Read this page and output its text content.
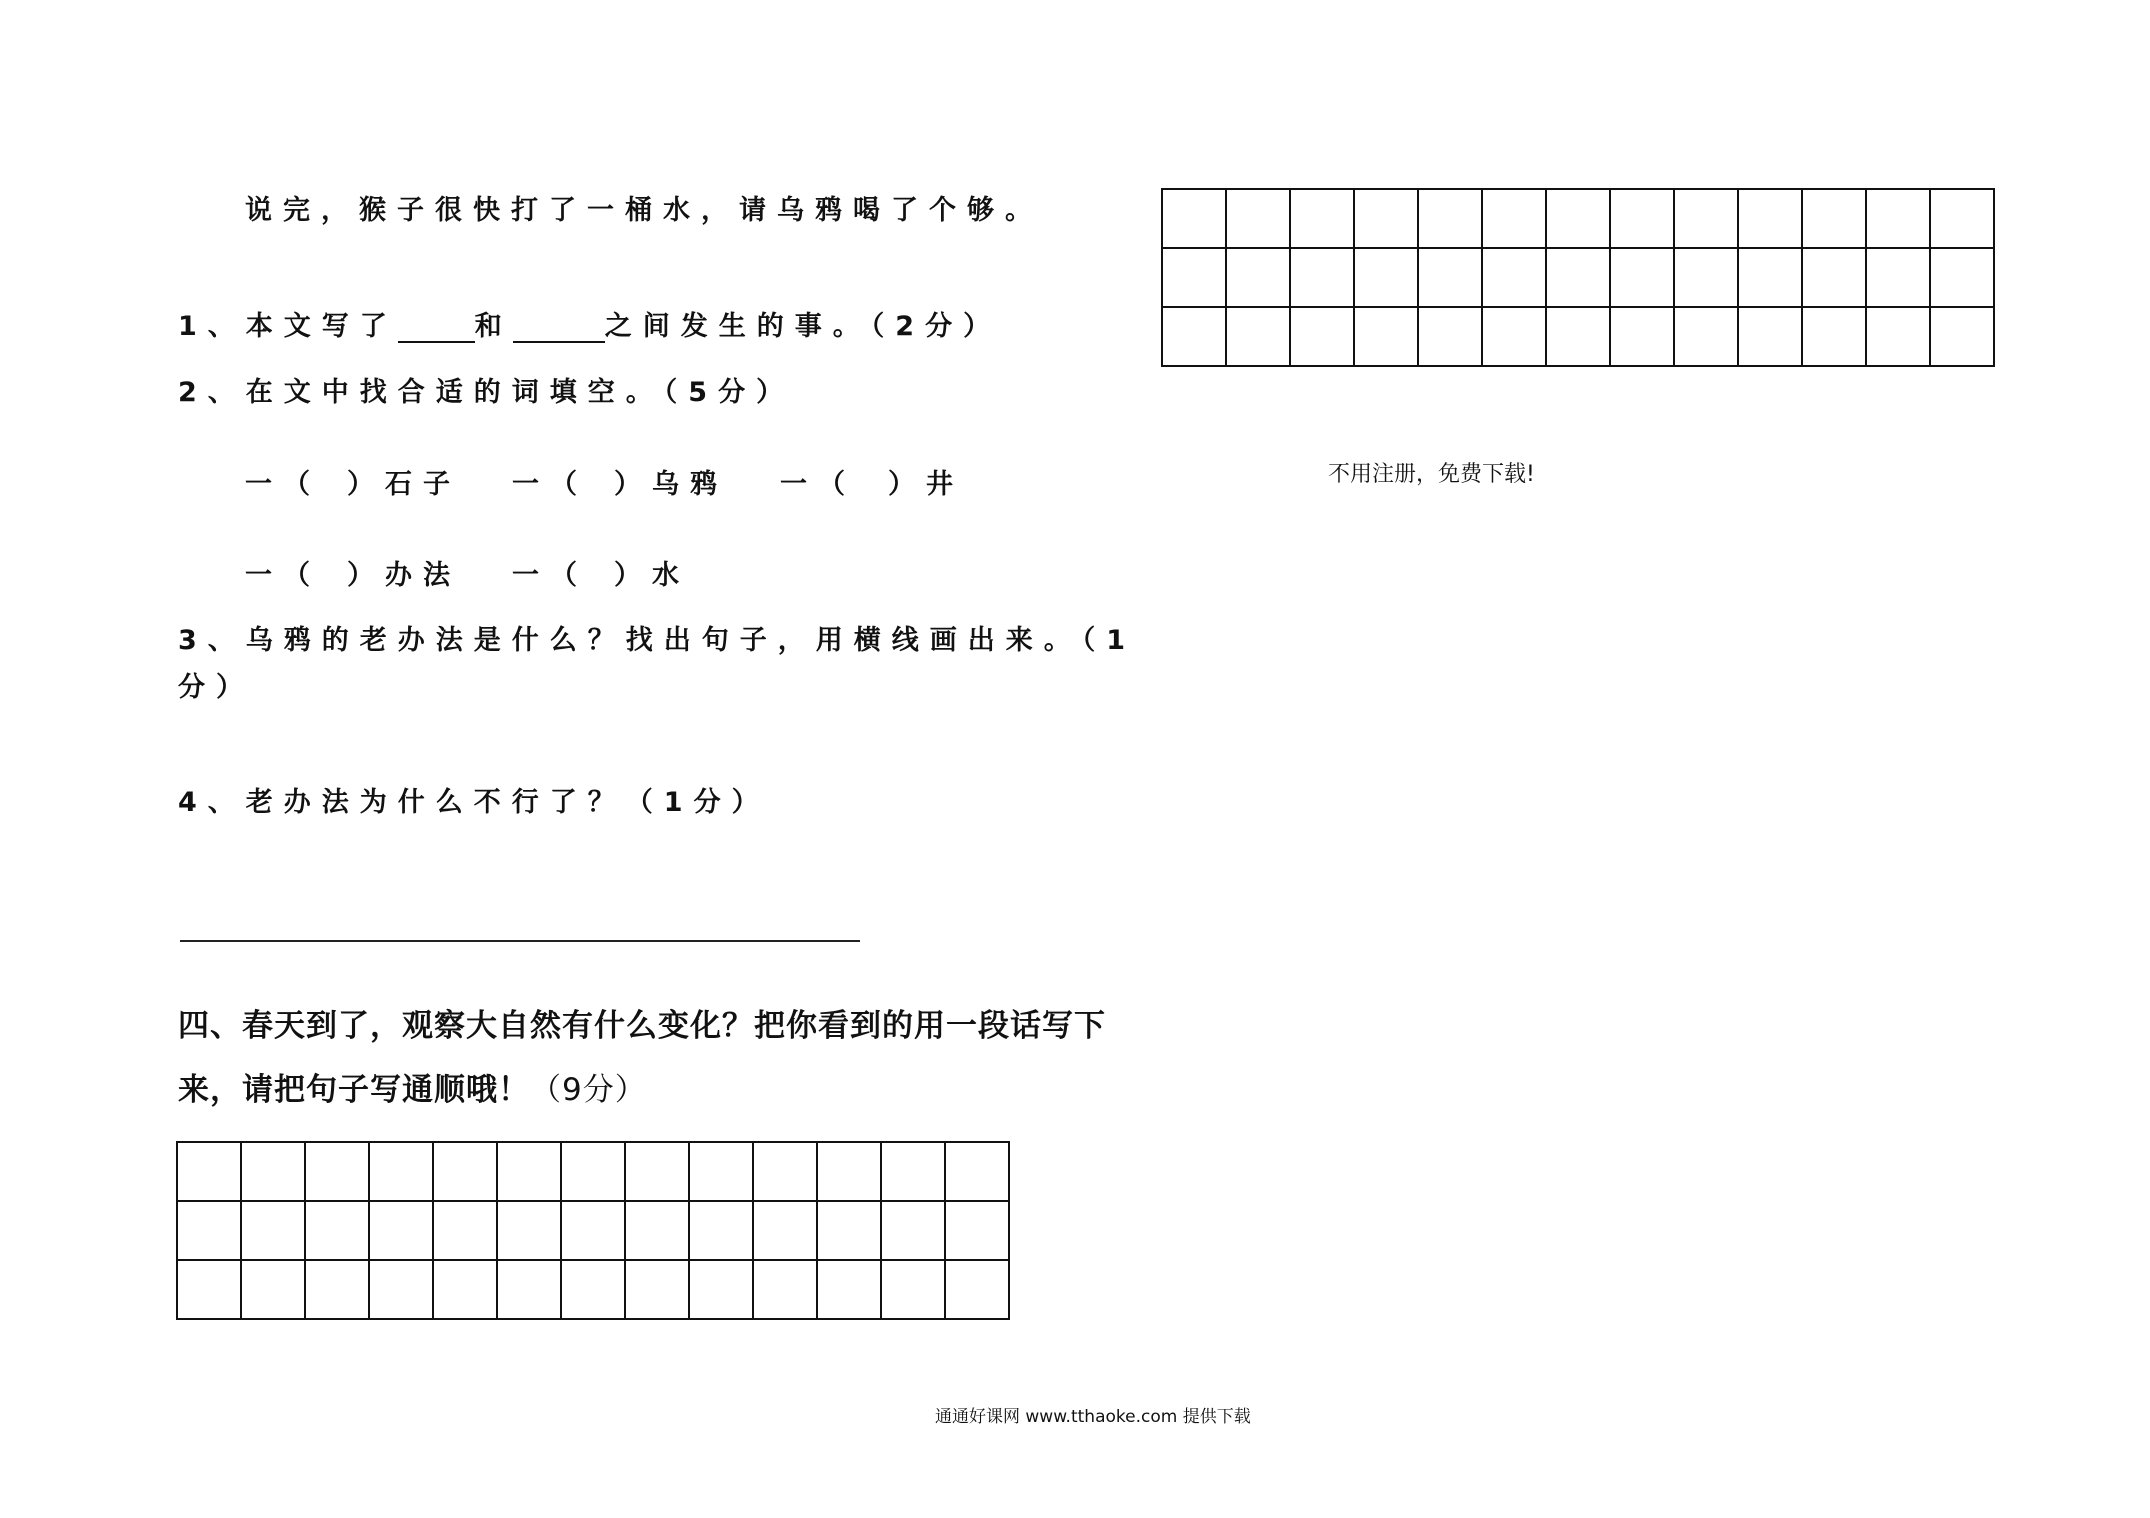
说完，猴子很快打了一桶水，请乌鸦喝了个够。
1、本文写了	和	之间发生的事。（2分）
2、在文中找合适的词填空。（5分）
一（ ）石子 一（ ）乌鸦 一（ ）井
一（ ）办法 一（ ）水
3、乌鸦的老办法是什么？找出句子，用横线画出来。（1
分）
4、老办法为什么不行了？（1分）
四、春天到了，观察大自然有什么变化？把你看到的用一段话写下
来，请把句子写通顺哦！（9分）

不用注册，免费下载!
通通好课网 www.tthaoke.com 提供下载
